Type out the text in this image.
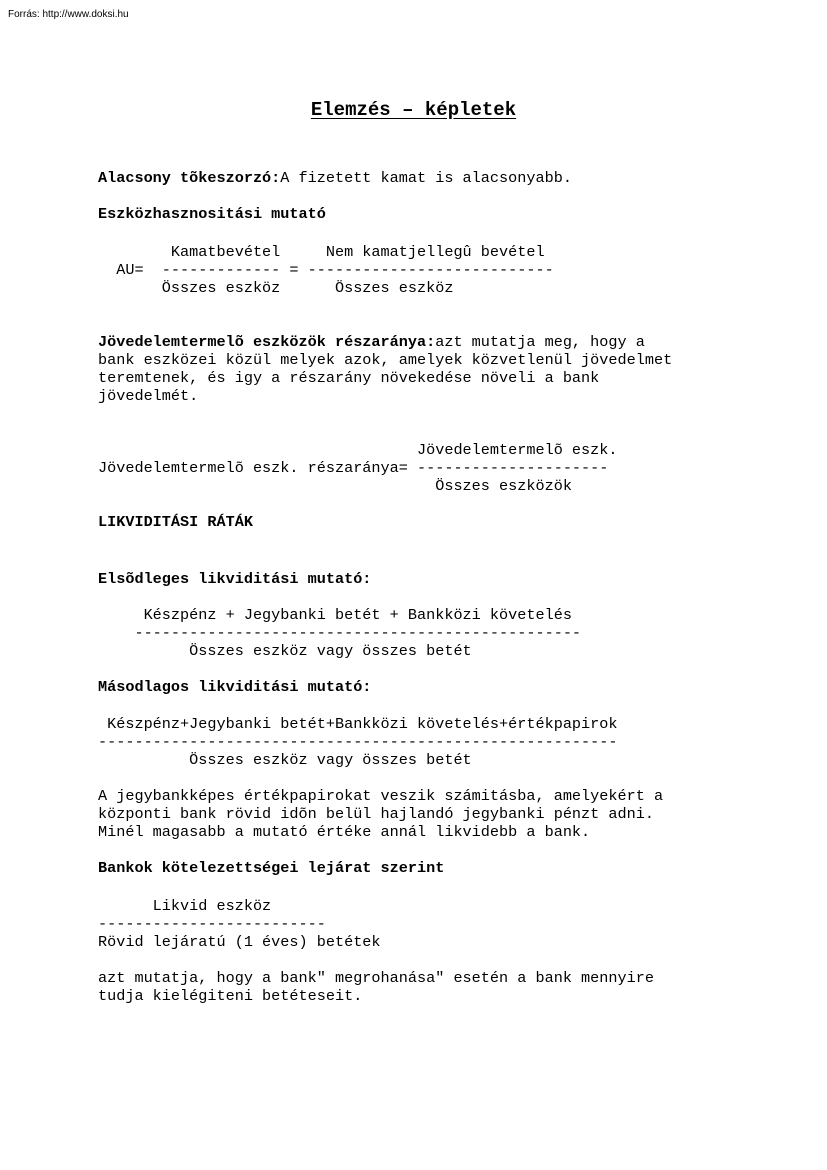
Forrás: http://www.doksi.hu
Elemzés – képletek
Alacsony tõkeszorzó:A fizetett kamat is alacsonyabb.
Eszközhasznositási mutató
Kamatbevétel     Nem kamatjellegû bevétel
AU=  ------------- = ---------------------------
Összes eszköz      Összes eszköz
Jövedelemtermelõ eszközök részaránya:azt mutatja meg, hogy a
bank eszközei közül melyek azok, amelyek közvetlenül jövedelmet
teremtenek, és igy a részarány növekedése növeli a bank
jövedelmét.
Jövedelemtermelõ eszk.
Jövedelemtermelõ eszk. részaránya= ---------------------
Összes eszközök
LIKVIDITÁSI RÁTÁK
Elsõdleges likviditási mutató:
Készpénz + Jegybanki betét + Bankközi követelés
-------------------------------------------------
Összes eszköz vagy összes betét
Másodlagos likviditási mutató:
Készpénz+Jegybanki betét+Bankközi követelés+értékpapirok
---------------------------------------------------------
Összes eszköz vagy összes betét
A jegybankképes értékpapirokat veszik számitásba, amelyekért a
központi bank rövid idõn belül hajlandó jegybanki pénzt adni.
Minél magasabb a mutató értéke annál likvidebb a bank.
Bankok kötelezettségei lejárat szerint
Likvid eszköz
-------------------------
Rövid lejáratú (1 éves) betétek
azt mutatja, hogy a bank" megrohanása" esetén a bank mennyire
tudja kielégiteni betéteseit.
